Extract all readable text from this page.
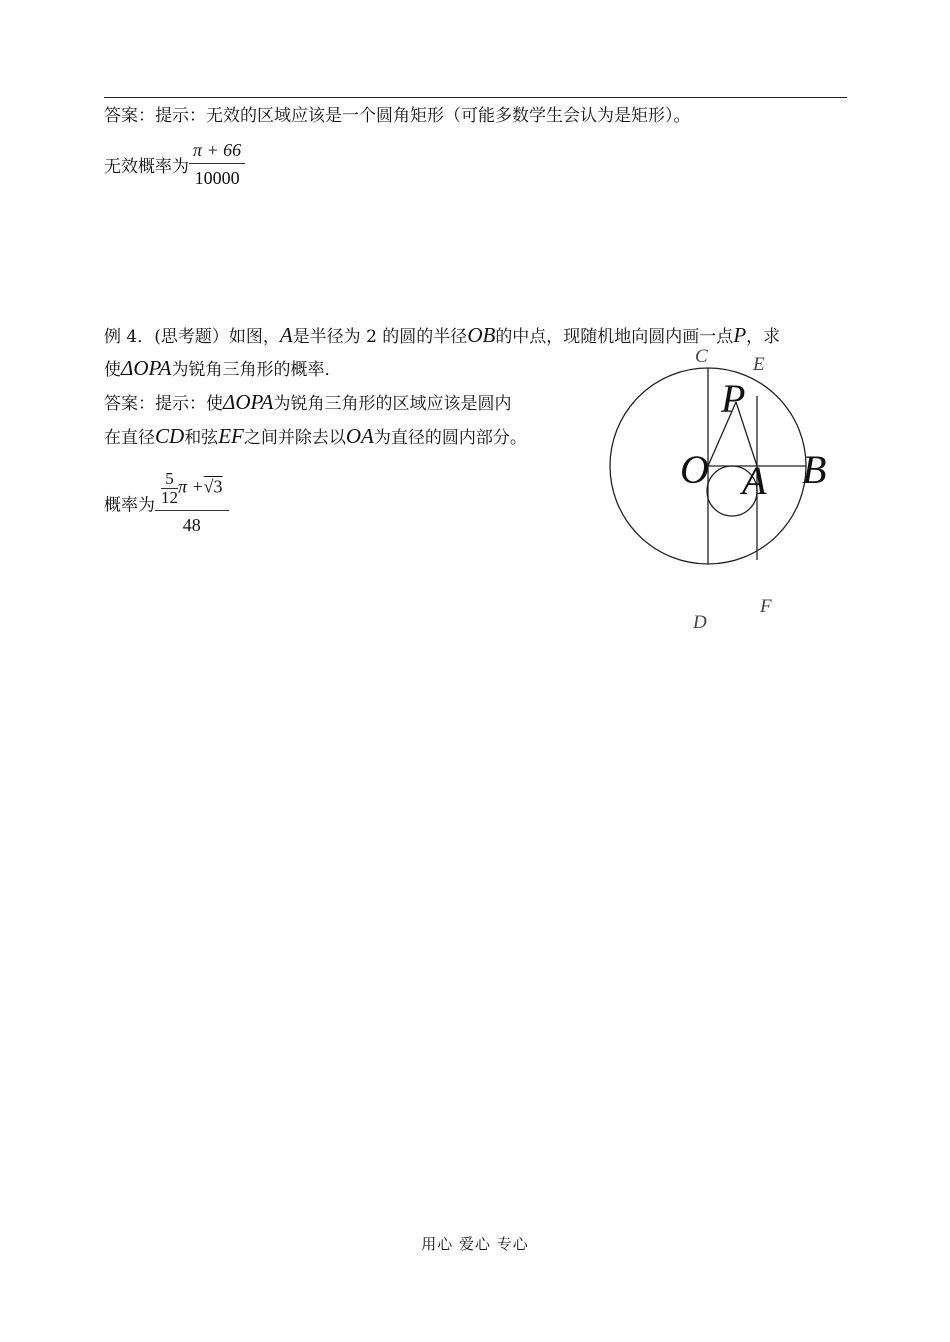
答案：提示：无效的区域应该是一个圆角矩形（可能多数学生会认为是矩形）。
无效概率为 $\frac{\pi + 66}{10000}$
例 4．(思考题）如图，A是半径为 2 的圆的半径OB的中点，现随机地向圆内画一点P，求
使ΔOPA为锐角三角形的概率．
答案：提示：使ΔOPA为锐角三角形的区域应该是圆内
在直径CD和弦EF之间并除去以OA为直径的圆内部分。
概率为 $\frac{\frac{5}{12} \pi +√3}{48}$
C E
P
O A B
F
D
用心 爱心 专心
